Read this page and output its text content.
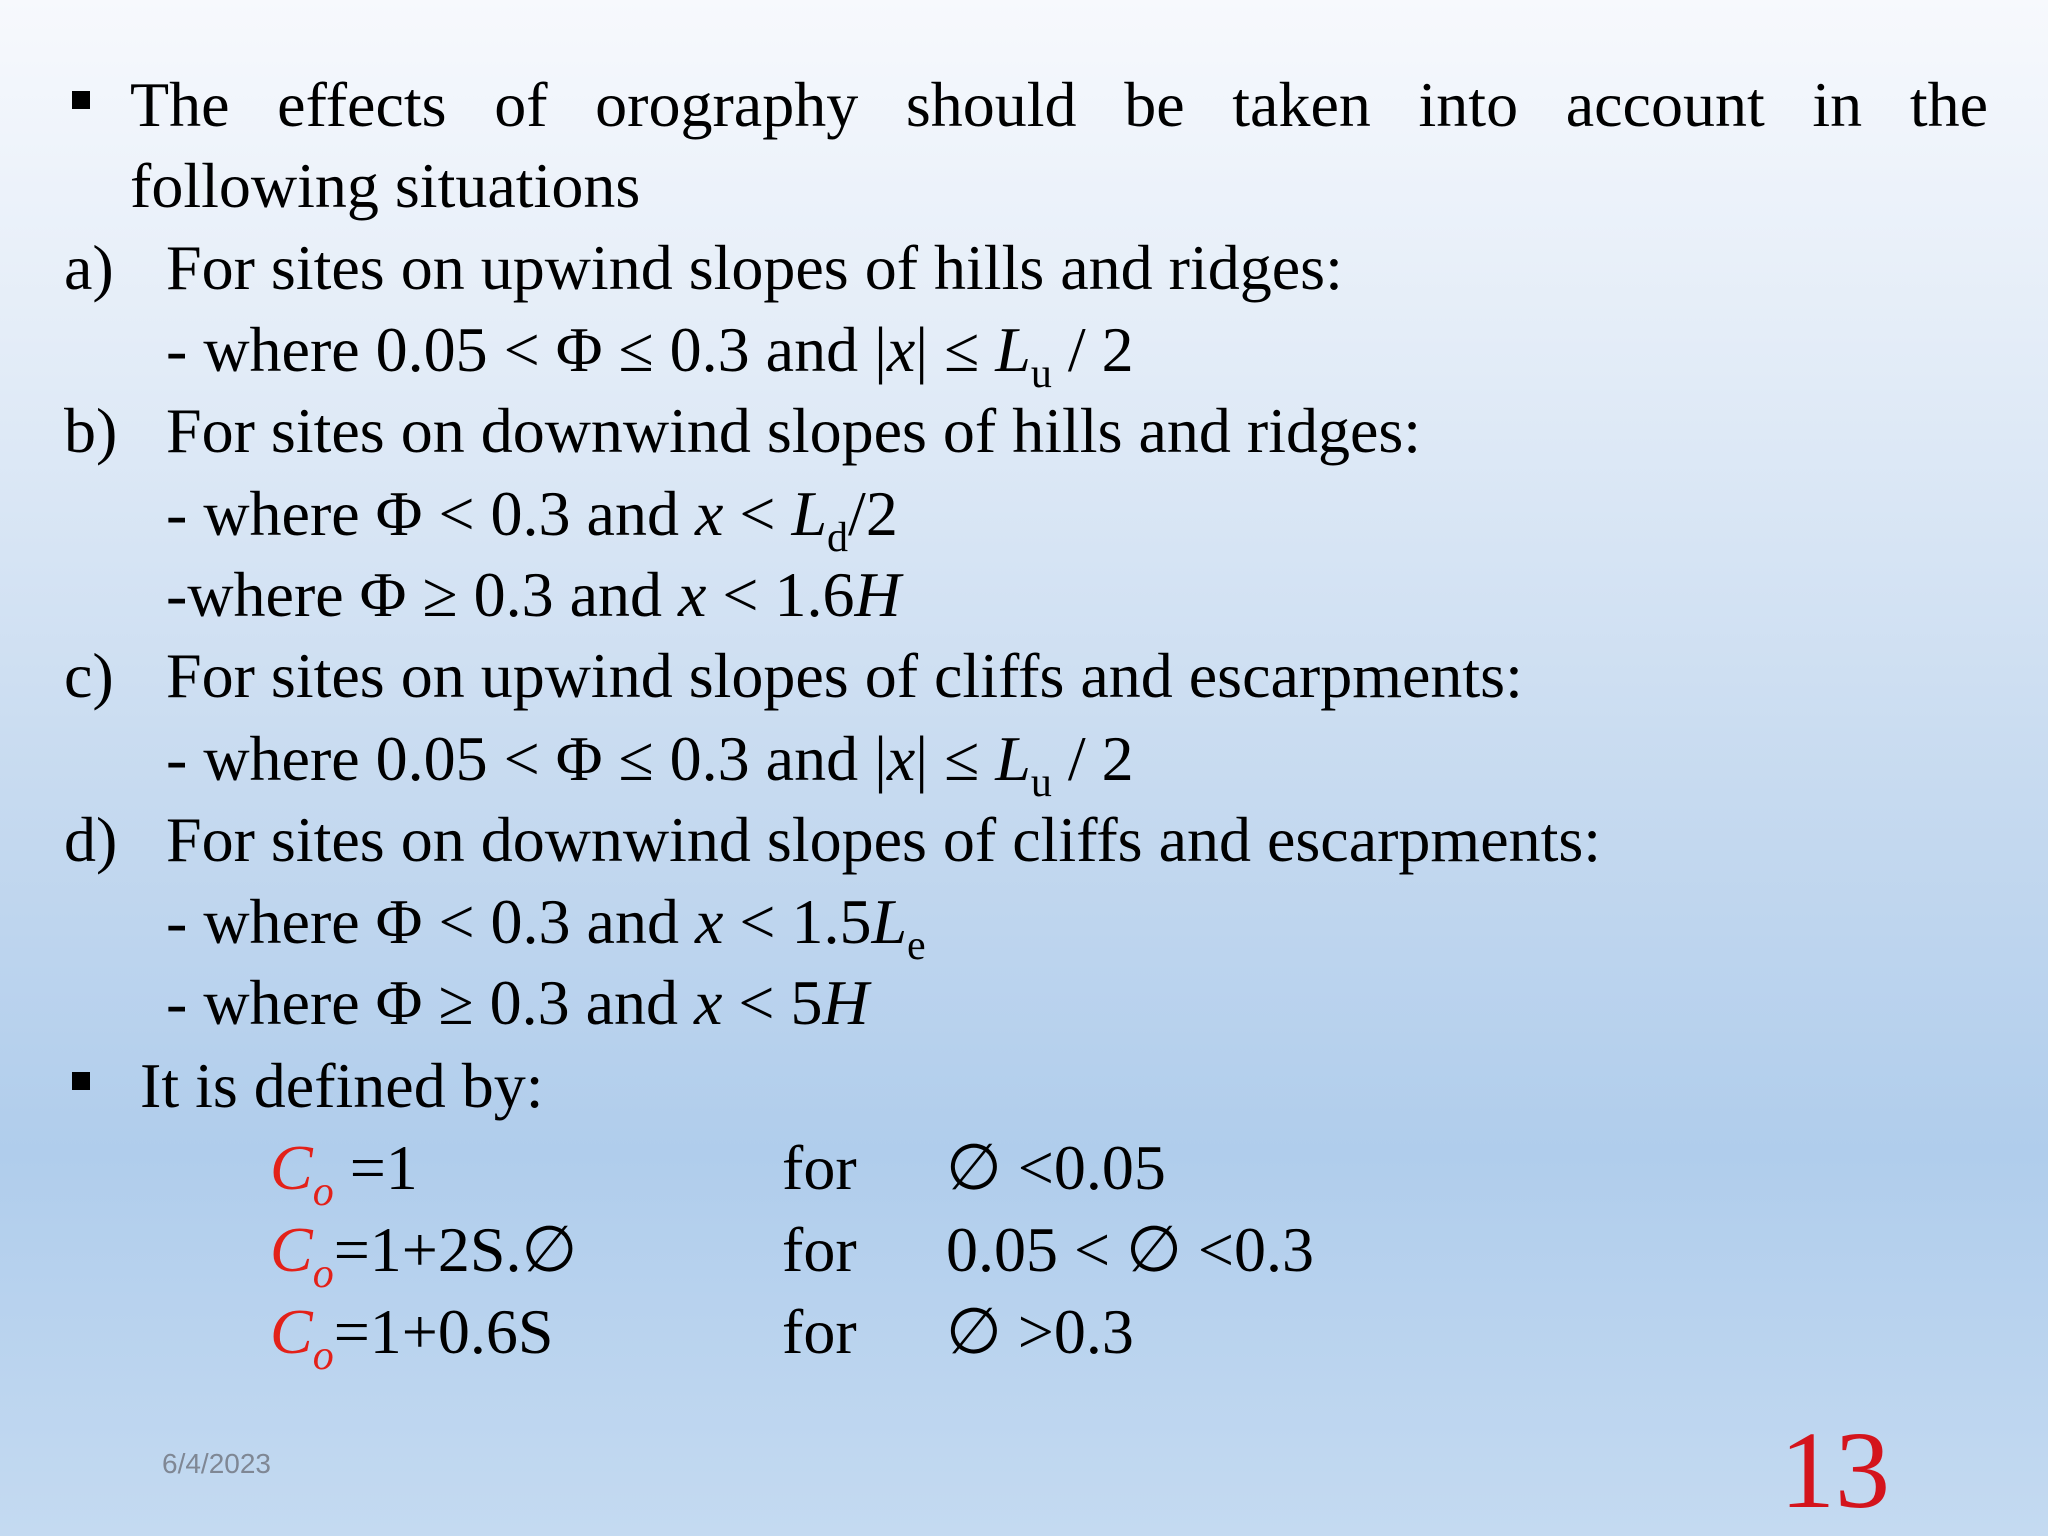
The effects of orography should be taken into account in the
following situations
a) For sites on upwind slopes of hills and ridges:
- where 0.05 < Φ ≤ 0.3 and $|x| \le L_u / 2$
b) For sites on downwind slopes of hills and ridges:
- where Φ < 0.3 and $x < L_d/2$
-where Φ ≥ 0.3 and x < 1.6H
c) For sites on upwind slopes of cliffs and escarpments:
- where 0.05 < Φ ≤ 0.3 and $|x| \le L_u / 2$
d) For sites on downwind slopes of cliffs and escarpments:
- where Φ < 0.3 and $x < 1.5L_e$
- where Φ ≥ 0.3 and x < 5H
It is defined by:
$C_o =1$	for ∅ <0.05
$C_o=1+2S.\emptyset$	for 0.05 < ∅ <0.3
$C_o=1+0.6S$	for ∅ >0.3
6/4/2023	13
